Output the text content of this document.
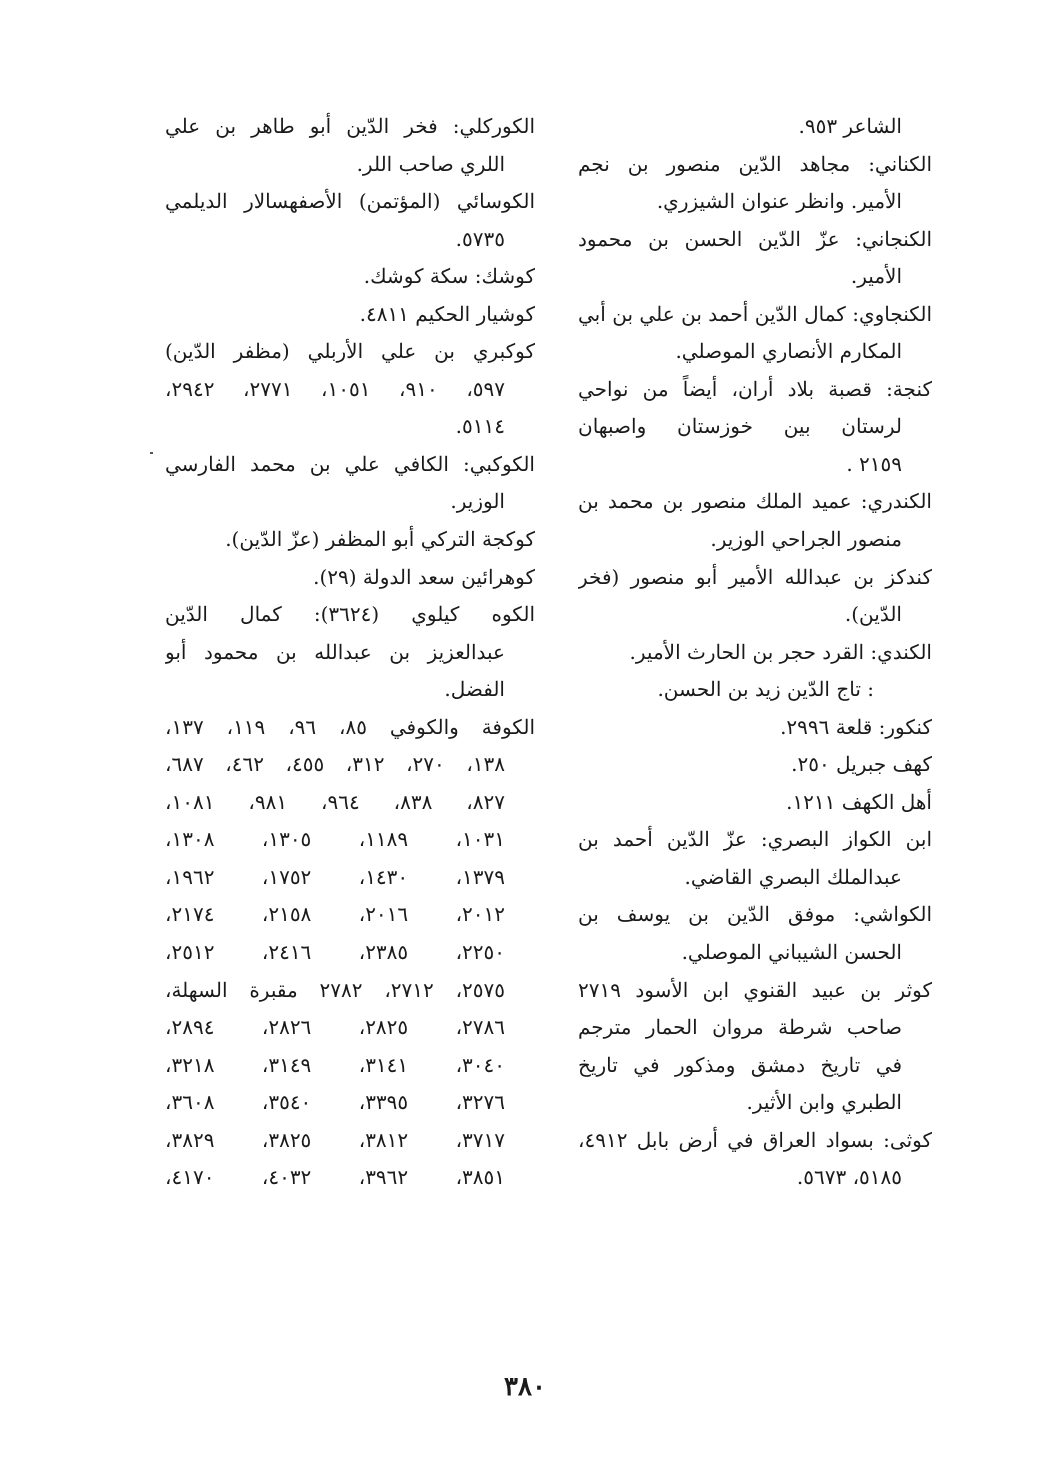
الشاعر ٩٥٣.
الكناني: مجاهد الدّين منصور بن نجم
الأمير. وانظر عنوان الشيزري.
الكنجاني: عزّ الدّين الحسن بن محمود
الأمير.
الكنجاوي: كمال الدّين أحمد بن علي بن أبي
المكارم الأنصاري الموصلي.
كنجة: قصبة بلاد أران، أيضاً من نواحي
لرستان بين خوزستان واصبهان
٢١٥٩ .
الكندري: عميد الملك منصور بن محمد بن
منصور الجراحي الوزير.
كندكز بن عبدالله الأمير أبو منصور (فخر
الدّين).
الكندي: القرد حجر بن الحارث الأمير.
: تاج الدّين زيد بن الحسن.
كنكور: قلعة ٢٩٩٦.
كهف جبريل ٢٥٠.
أهل الكهف ١٢١١.
ابن الكواز البصري: عزّ الدّين أحمد بن
عبدالملك البصري القاضي.
الكواشي: موفق الدّين بن يوسف بن
الحسن الشيباني الموصلي.
كوثر بن عبيد القنوي ابن الأسود ٢٧١٩
صاحب شرطة مروان الحمار مترجم
في تاريخ دمشق ومذكور في تاريخ
الطبري وابن الأثير.
كوثى: بسواد العراق في أرض بابل ٤٩١٢،
٥١٨٥، ٥٦٧٣.
الكوركلي: فخر الدّين أبو طاهر بن علي
اللري صاحب اللر.
الكوسائي (المؤتمن) الأصفهسالار الديلمي
٥٧٣٥.
كوشك: سكة كوشك.
كوشيار الحكيم ٤٨١١.
كوكبري بن علي الأربلي (مظفر الدّين)
٥٩٧، ٩١٠، ١٠٥١، ٢٧٧١، ٢٩٤٢،
٥١١٤.
الكوكبي: الكافي علي بن محمد الفارسي
الوزير.
كوكجة التركي أبو المظفر (عزّ الدّين).
كوهرائين سعد الدولة (٢٩).
الكوه كيلوي (٣٦٢٤): كمال الدّين
عبدالعزيز بن عبدالله بن محمود أبو
الفضل.
الكوفة والكوفي ٨٥، ٩٦، ١١٩، ١٣٧،
١٣٨، ٢٧٠، ٣١٢، ٤٥٥، ٤٦٢، ٦٨٧،
٨٢٧، ٨٣٨، ٩٦٤، ٩٨١، ١٠٨١،
١٠٣١، ١١٨٩، ١٣٠٥، ١٣٠٨،
١٣٧٩، ١٤٣٠، ١٧٥٢، ١٩٦٢،
٢٠١٢، ٢٠١٦، ٢١٥٨، ٢١٧٤،
٢٢٥٠، ٢٣٨٥، ٢٤١٦، ٢٥١٢،
٢٥٧٥، ٢٧١٢، ٢٧٨٢ مقبرة السهلة،
٢٧٨٦، ٢٨٢٥، ٢٨٢٦، ٢٨٩٤،
٣٠٤٠، ٣١٤١، ٣١٤٩، ٣٢١٨،
٣٢٧٦، ٣٣٩٥، ٣٥٤٠، ٣٦٠٨،
٣٧١٧، ٣٨١٢، ٣٨٢٥، ٣٨٢٩،
٣٨٥١، ٣٩٦٢، ٤٠٣٢، ٤١٧٠،
٣٨٠
